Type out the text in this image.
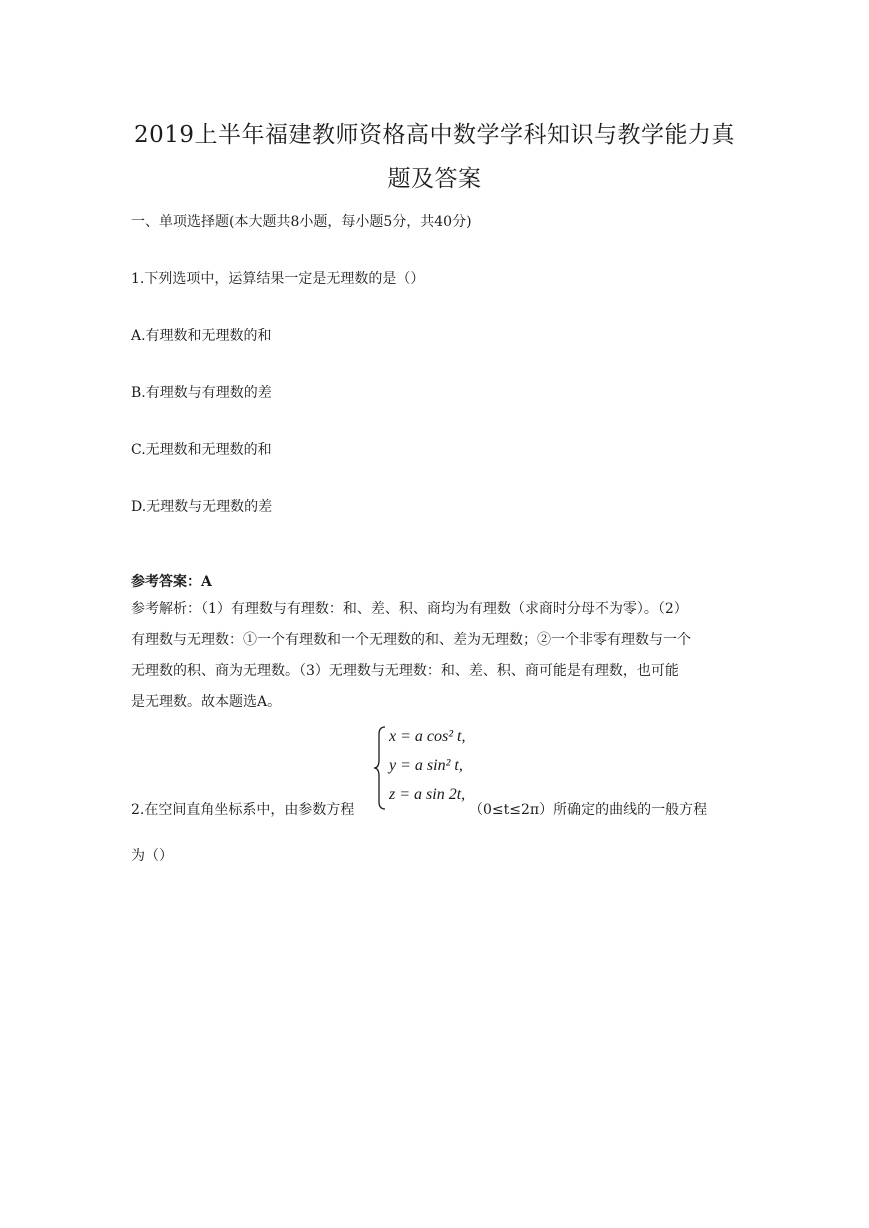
2019上半年福建教师资格高中数学学科知识与教学能力真
题及答案
一、单项选择题(本大题共8小题，每小题5分，共40分)
1.下列选项中，运算结果一定是无理数的是（）
A.有理数和无理数的和
B.有理数与有理数的差
C.无理数和无理数的和
D.无理数与无理数的差
参考答案：A
参考解析：（1）有理数与有理数：和、差、积、商均为有理数（求商时分母不为零）。（2）
有理数与无理数：①一个有理数和一个无理数的和、差为无理数；②一个非零有理数与一个
无理数的积、商为无理数。（3）无理数与无理数：和、差、积、商可能是有理数，也可能
是无理数。故本题选A。
2.在空间直角坐标系中，由参数方程
x = a cos² t,
y = a sin² t,
z = a sin 2t,
（0≤t≤2π）所确定的曲线的一般方程
为（）
